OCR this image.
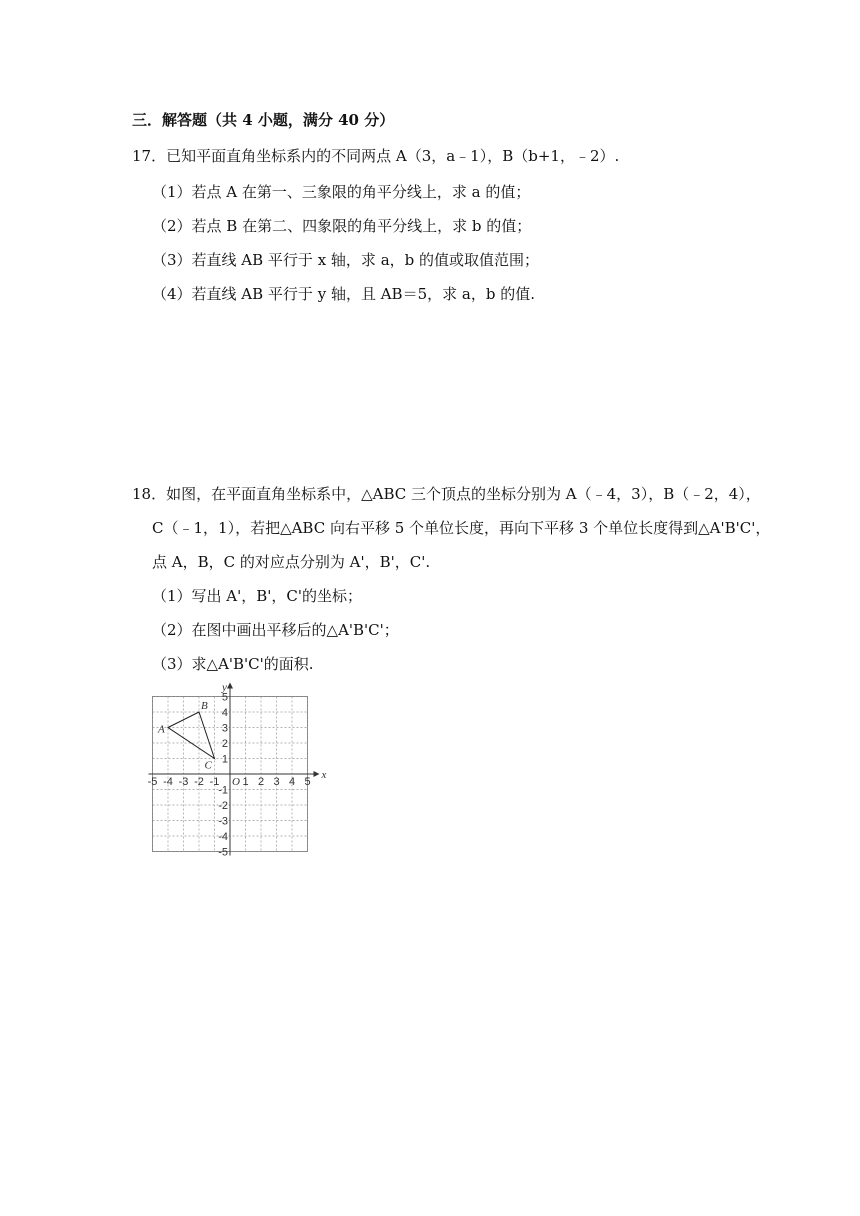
三．解答题（共 4 小题，满分 40 分）
17．已知平面直角坐标系内的不同两点 A（3，a﹣1），B（b+1，﹣2）.
（1）若点 A 在第一、三象限的角平分线上，求 a 的值；
（2）若点 B 在第二、四象限的角平分线上，求 b 的值；
（3）若直线 AB 平行于 x 轴，求 a，b 的值或取值范围；
（4）若直线 AB 平行于 y 轴，且 AB＝5，求 a，b 的值.
18．如图，在平面直角坐标系中，△ABC 三个顶点的坐标分别为 A（﹣4，3），B（﹣2，4），
C（﹣1，1），若把△ABC 向右平移 5 个单位长度，再向下平移 3 个单位长度得到△A'B'C'，
点 A，B，C 的对应点分别为 A'，B'，C'.
（1）写出 A'，B'，C'的坐标；
（2）在图中画出平移后的△A'B'C'；
（3）求△A'B'C'的面积.
x
y
O
-5 -4 -3 -2 -1 1 2 3 4 5
5
4
3
2
1
-1
-2
-3
-4
-5
A
B
C
